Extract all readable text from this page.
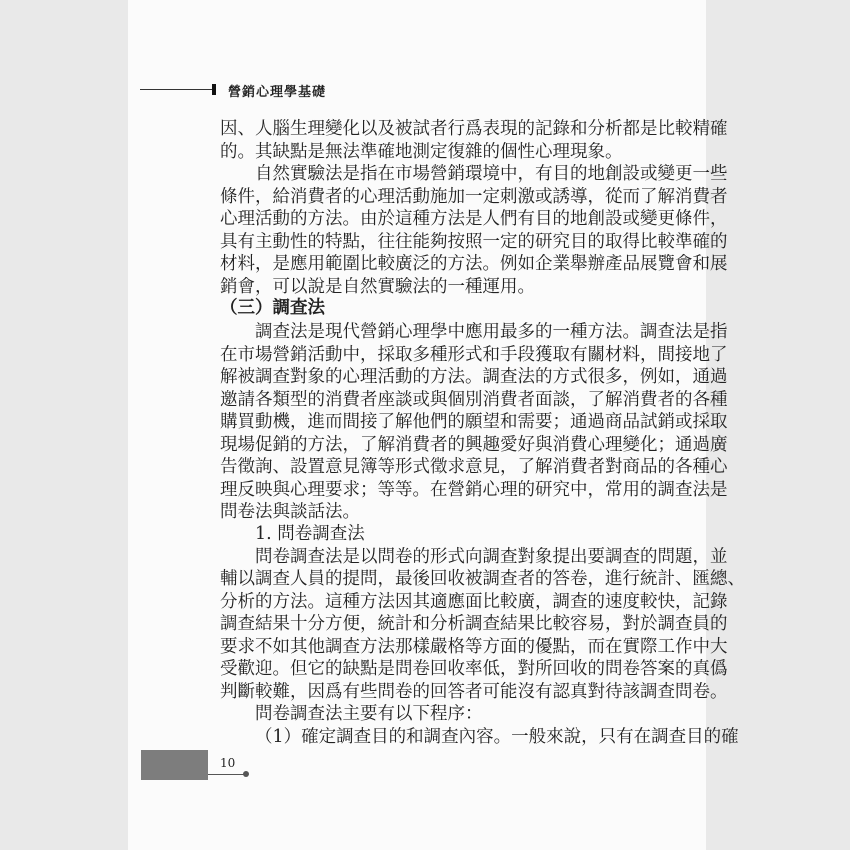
營銷心理學基礎
因、人腦生理變化以及被試者行爲表現的記錄和分析都是比較精確
的。其缺點是無法準確地測定復雜的個性心理現象。
自然實驗法是指在市場營銷環境中，有目的地創設或變更一些
條件，給消費者的心理活動施加一定刺激或誘導，從而了解消費者
心理活動的方法。由於這種方法是人們有目的地創設或變更條件，
具有主動性的特點，往往能夠按照一定的研究目的取得比較準確的
材料，是應用範圍比較廣泛的方法。例如企業舉辦產品展覽會和展
銷會，可以說是自然實驗法的一種運用。
（三）調查法
調查法是現代營銷心理學中應用最多的一種方法。調查法是指
在市場營銷活動中，採取多種形式和手段獲取有關材料，間接地了
解被調查對象的心理活動的方法。調查法的方式很多，例如，通過
邀請各類型的消費者座談或與個別消費者面談，了解消費者的各種
購買動機，進而間接了解他們的願望和需要；通過商品試銷或採取
現場促銷的方法，了解消費者的興趣愛好與消費心理變化；通過廣
告徵詢、設置意見簿等形式徵求意見，了解消費者對商品的各種心
理反映與心理要求；等等。在營銷心理的研究中，常用的調查法是
問卷法與談話法。
1. 問卷調查法
問卷調查法是以問卷的形式向調查對象提出要調查的問題，並
輔以調查人員的提問，最後回收被調查者的答卷，進行統計、匯總、
分析的方法。這種方法因其適應面比較廣，調查的速度較快，記錄
調查結果十分方便，統計和分析調查結果比較容易，對於調查員的
要求不如其他調查方法那樣嚴格等方面的優點，而在實際工作中大
受歡迎。但它的缺點是問卷回收率低，對所回收的問卷答案的真僞
判斷較難，因爲有些問卷的回答者可能沒有認真對待該調查問卷。
問卷調查法主要有以下程序：
（1）確定調查目的和調查內容。一般來說，只有在調查目的確
10
